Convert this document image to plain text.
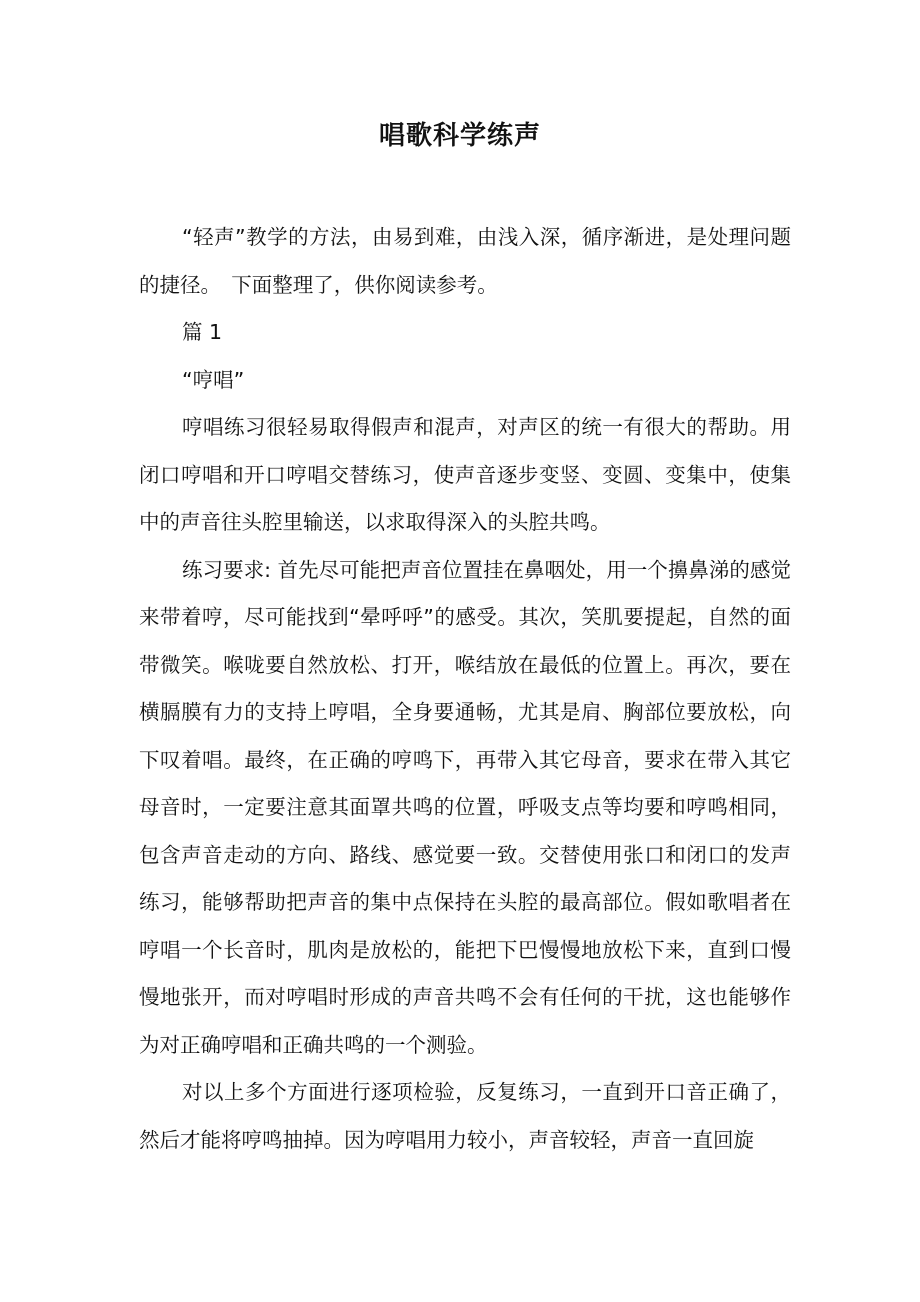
唱歌科学练声

“轻声”教学的方法，由易到难，由浅入深，循序渐进，是处理问题的捷径。　下面整理了，供你阅读参考。

篇 1

“哼唱”

哼唱练习很轻易取得假声和混声，对声区的统一有很大的帮助。用闭口哼唱和开口哼唱交替练习，使声音逐步变竖、变圆、变集中，使集中的声音往头腔里输送，以求取得深入的头腔共鸣。

练习要求: 首先尽可能把声音位置挂在鼻咽处，用一个擤鼻涕的感觉来带着哼，尽可能找到“晕呼呼”的感受。其次，笑肌要提起，自然的面带微笑。喉咙要自然放松、打开，喉结放在最低的位置上。再次，要在横膈膜有力的支持上哼唱，全身要通畅，尤其是肩、胸部位要放松，向下叹着唱。最终，在正确的哼鸣下，再带入其它母音，要求在带入其它母音时，一定要注意其面罩共鸣的位置，呼吸支点等均要和哼鸣相同，包含声音走动的方向、路线、感觉要一致。交替使用张口和闭口的发声练习，能够帮助把声音的集中点保持在头腔的最高部位。假如歌唱者在哼唱一个长音时，肌肉是放松的，能把下巴慢慢地放松下来，直到口慢慢地张开，而对哼唱时形成的声音共鸣不会有任何的干扰，这也能够作为对正确哼唱和正确共鸣的一个测验。

对以上多个方面进行逐项检验，反复练习，一直到开口音正确了，然后才能将哼鸣抽掉。因为哼唱用力较小，声音较轻，声音一直回旋
